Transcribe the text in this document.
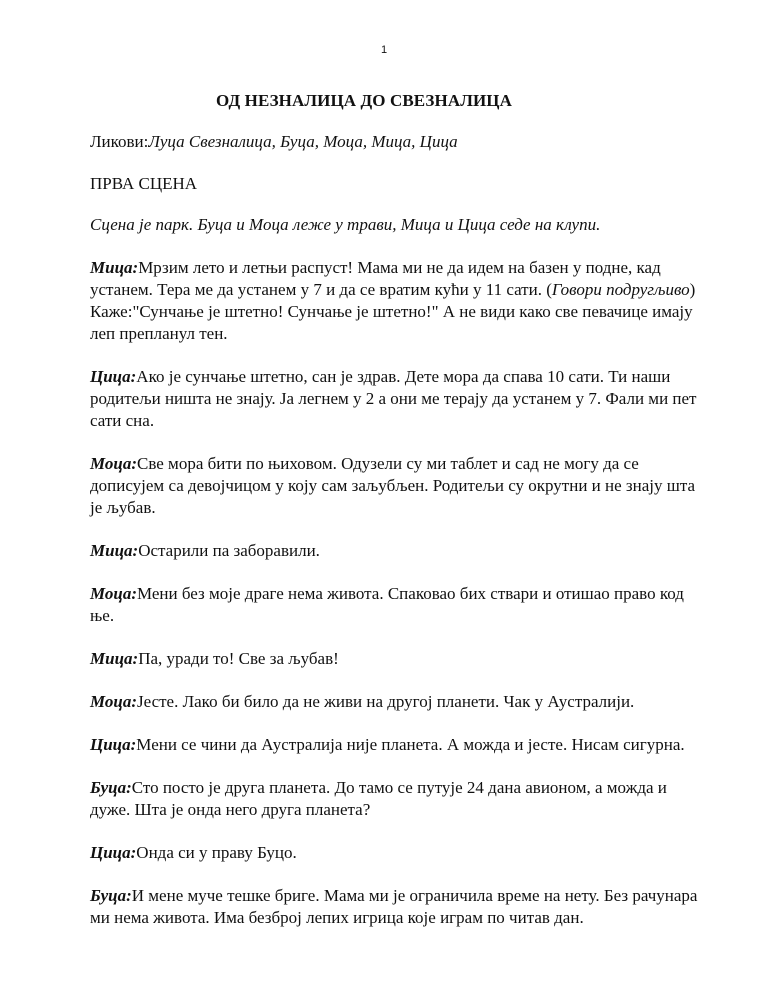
1
ОД НЕЗНАЛИЦА ДО СВЕЗНАЛИЦА

Ликови:Луца Свезналица, Буца, Моца, Мица, Цица

ПРВА СЦЕНА

Сцена је парк. Буца и Моца леже у трави, Мица и Цица седе на клупи.

Мица:Мрзим лето и летњи распуст! Мама ми не да идем на базен у подне, кад устанем. Тера ме да устанем у 7 и да се вратим кући у 11 сати. (Говори подругљиво) Каже:"Сунчање је штетно! Сунчање је штетно!" А не види како све певачице имају леп препланул тен.

Цица:Ако је сунчање штетно, сан је здрав. Дете мора да спава 10 сати. Ти наши родитељи ништа не знају. Ја легнем у 2 а они ме терају да устанем у 7. Фали ми пет сати сна.

Моца:Све мора бити по њиховом. Одузели су ми таблет и сад не могу да се дописујем са девојчицом у коју сам заљубљен. Родитељи су окрутни и не знају шта је љубав.

Мица:Остарили па заборавили.

Моца:Мени без моје драге нема живота. Спаковао бих ствари и отишао право код ње.

Мица:Па, уради то! Све за љубав!

Моца:Јесте. Лако би било да не живи на другој планети. Чак у Аустралији.

Цица:Мени се чини да Аустралија није планета. А можда и јесте. Нисам сигурна.

Буца:Сто посто је друга планета. До тамо се путује 24 дана авионом, а можда и дуже. Шта је онда него друга планета?

Цица:Онда си у праву Буцо.

Буца:И мене муче тешке бриге. Мама ми је ограничила време на нету. Без рачунара ми нема живота. Има безброј лепих игрица које играм по читав дан.
